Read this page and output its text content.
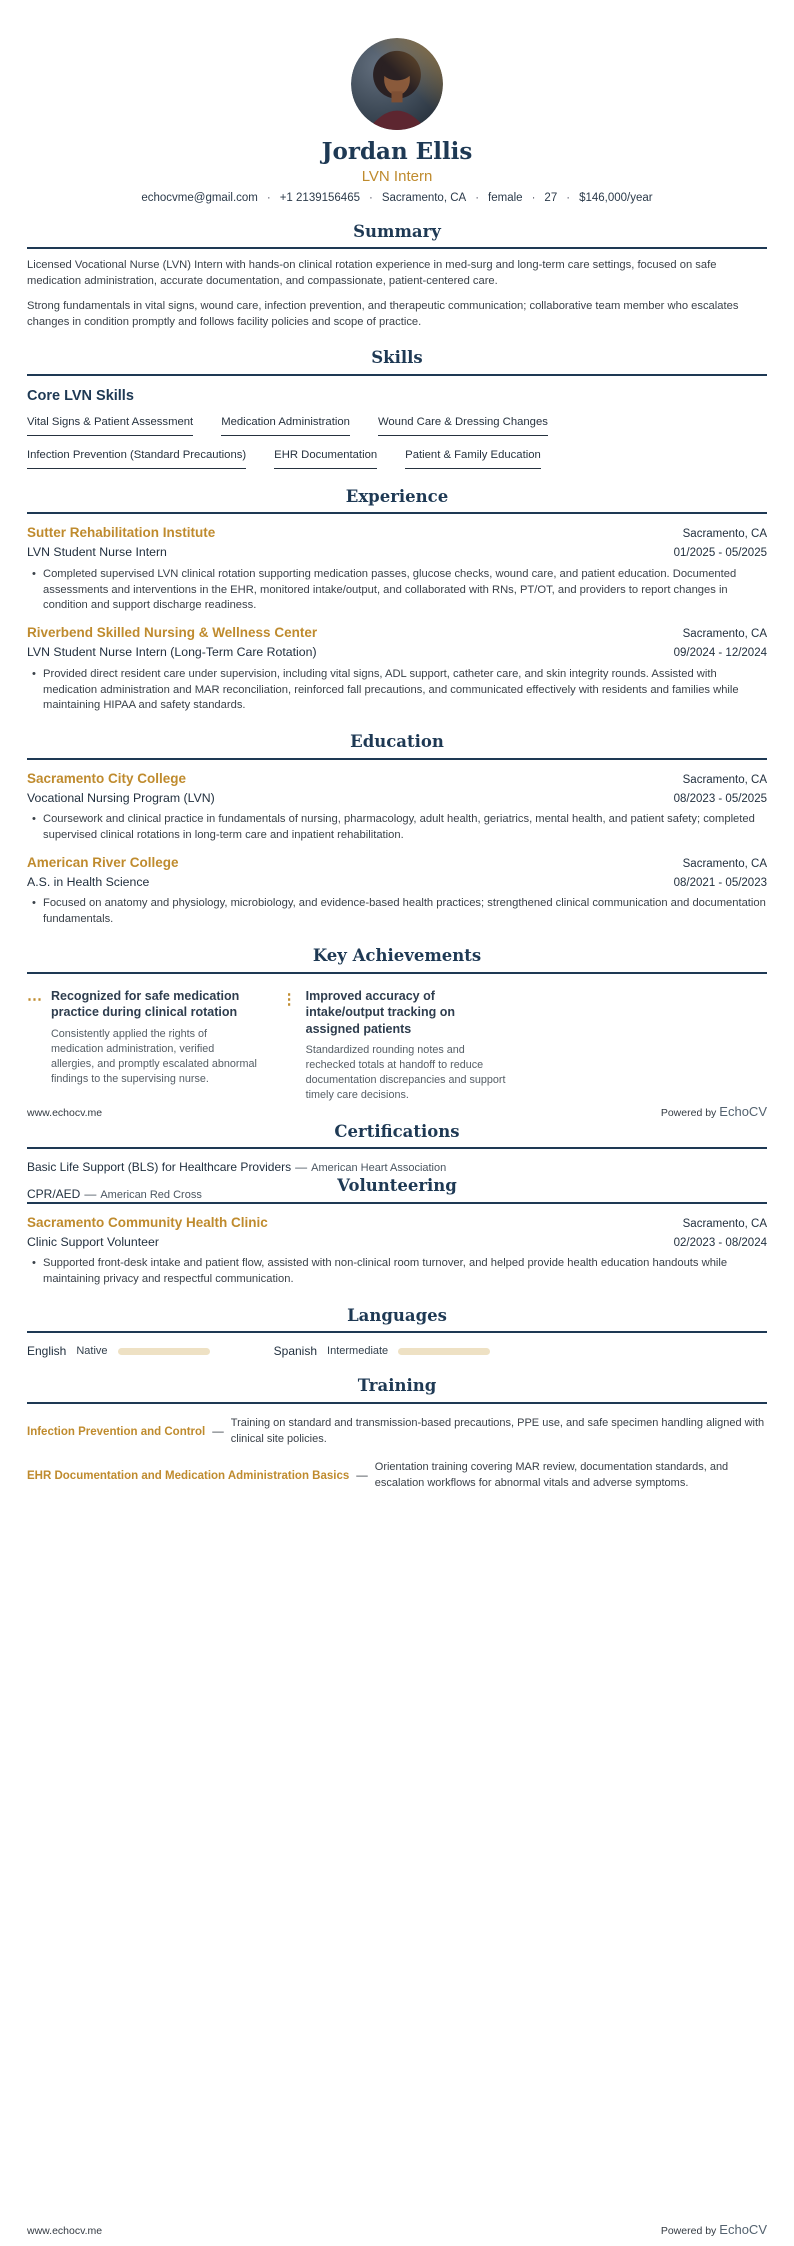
Jordan Ellis
LVN Intern
echocvme@gmail.com	· +1 2139156465	· Sacramento, CA	· female	· 27	· $146,000/year
Summary

Licensed Vocational Nurse (LVN) Intern with hands-on clinical rotation experience in med-surg and long-term care settings, focused on safe medication administration, accurate documentation, and compassionate, patient-centered care.

Strong fundamentals in vital signs, wound care, infection prevention, and therapeutic communication; collaborative team member who escalates changes in condition promptly and follows facility policies and scope of practice.

Skills
Core LVN Skills
Vital Signs & Patient Assessment Medication Administration Wound Care & Dressing Changes
Infection Prevention (Standard Precautions) EHR Documentation Patient & Family Education
Experience
Sutter Rehabilitation Institute	Sacramento, CA
LVN Student Nurse Intern	01/2025 - 05/2025
• Completed supervised LVN clinical rotation supporting medication passes, glucose checks, wound care, and patient education. Documented assessments and interventions in the EHR, monitored intake/output, and collaborated with RNs, PT/OT, and providers to report changes in condition and support discharge readiness.
Riverbend Skilled Nursing & Wellness Center	Sacramento, CA
LVN Student Nurse Intern (Long-Term Care Rotation)	09/2024 - 12/2024
• Provided direct resident care under supervision, including vital signs, ADL support, catheter care, and skin integrity rounds. Assisted with medication administration and MAR reconciliation, reinforced fall precautions, and communicated effectively with residents and families while maintaining HIPAA and safety standards.
Education
Sacramento City College	Sacramento, CA
Vocational Nursing Program (LVN)	08/2023 - 05/2025
• Coursework and clinical practice in fundamentals of nursing, pharmacology, adult health, geriatrics, mental health, and patient safety; completed supervised clinical rotations in long-term care and inpatient rehabilitation.
American River College	Sacramento, CA
A.S. in Health Science	08/2021 - 05/2023
• Focused on anatomy and physiology, microbiology, and evidence-based health practices; strengthened clinical communication and documentation fundamentals.
Key Achievements
⋯ Recognized for safe medication practice during clinical rotation
Consistently applied the rights of medication administration, verified allergies, and promptly escalated abnormal findings to the supervising nurse.
⋮ Improved accuracy of intake/output tracking on assigned patients
Standardized rounding notes and rechecked totals at handoff to reduce documentation discrepancies and support timely care decisions.
Certifications
Basic Life Support (BLS) for Healthcare Providers — American Heart Association
CPR/AED — American Red Cross
www.echocv.me	Powered by EchoCV
Volunteering
Sacramento Community Health Clinic	Sacramento, CA
Clinic Support Volunteer	02/2023 - 08/2024
• Supported front-desk intake and patient flow, assisted with non-clinical room turnover, and helped provide health education handouts while maintaining privacy and respectful communication.
Languages
English Native	Spanish Intermediate
Training
Infection Prevention and Control —
Training on standard and transmission-based precautions, PPE use, and safe specimen handling aligned with clinical site policies.
EHR Documentation and Medication Administration Basics —
Orientation training covering MAR review, documentation standards, and escalation workflows for abnormal vitals and adverse symptoms.
www.echocv.me	Powered by EchoCV
